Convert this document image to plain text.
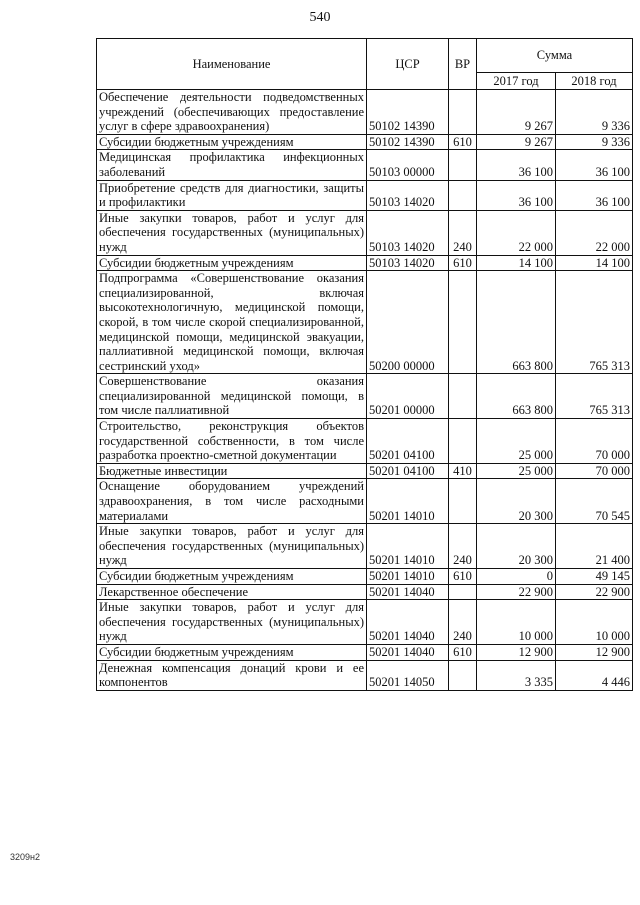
540
Наименование	ЦСР	ВР	Сумма	
			2017 год	2018 год
Обеспечение деятельности подведомственных учреждений (обеспечивающих предоставление услуг в сфере здравоохранения)	50102 14390		9 267	9 336
Субсидии бюджетным учреждениям	50102 14390	610	9 267	9 336
Медицинская профилактика инфекционных заболеваний	50103 00000		36 100	36 100
Приобретение средств для диагностики, защиты и профилактики	50103 14020		36 100	36 100
Иные закупки товаров, работ и услуг для обеспечения государственных (муниципальных) нужд	50103 14020	240	22 000	22 000
Субсидии бюджетным учреждениям	50103 14020	610	14 100	14 100
Подпрограмма «Совершенствование оказания специализированной, включая высокотехнологичную, медицинской помощи, скорой, в том числе скорой специализированной, медицинской помощи, медицинской эвакуации, паллиативной медицинской помощи, включая сестринский уход»	50200 00000		663 800	765 313
Совершенствование оказания специализированной медицинской помощи, в том числе паллиативной	50201 00000		663 800	765 313
Строительство, реконструкция объектов государственной собственности, в том числе разработка проектно-сметной документации	50201 04100		25 000	70 000
Бюджетные инвестиции	50201 04100	410	25 000	70 000
Оснащение оборудованием учреждений здравоохранения, в том числе расходными материалами	50201 14010		20 300	70 545
Иные закупки товаров, работ и услуг для обеспечения государственных (муниципальных) нужд	50201 14010	240	20 300	21 400
Субсидии бюджетным учреждениям	50201 14010	610	0	49 145
Лекарственное обеспечение	50201 14040		22 900	22 900
Иные закупки товаров, работ и услуг для обеспечения государственных (муниципальных) нужд	50201 14040	240	10 000	10 000
Субсидии бюджетным учреждениям	50201 14040	610	12 900	12 900
Денежная компенсация донаций крови и ее компонентов	50201 14050		3 335	4 446
3209н2
